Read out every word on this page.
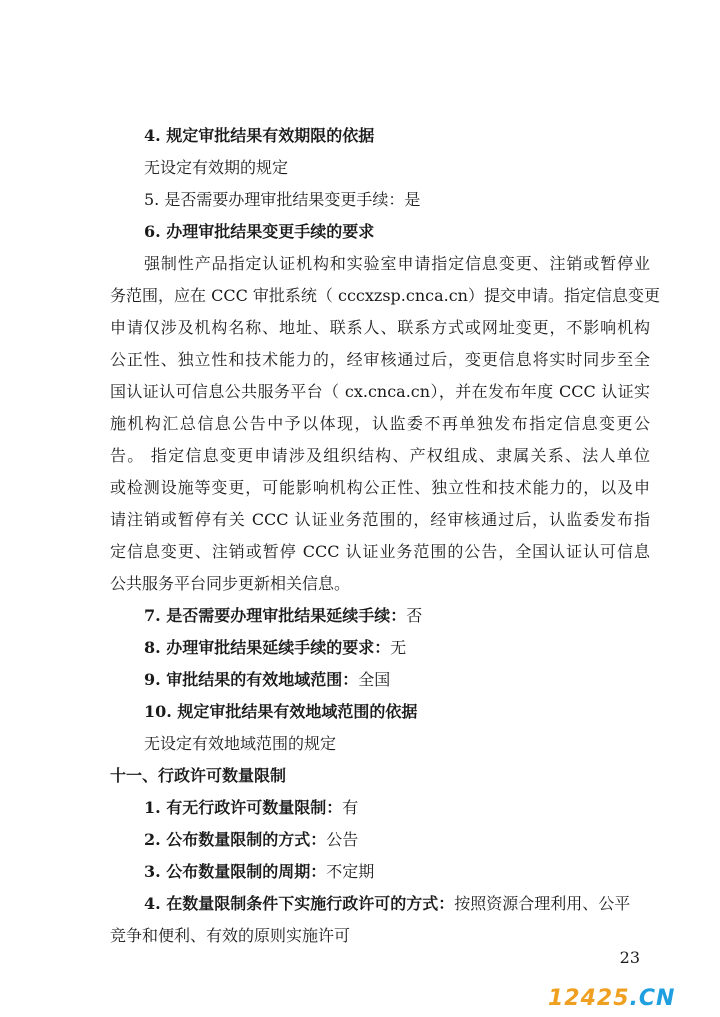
4. 规定审批结果有效期限的依据
无设定有效期的规定
5. 是否需要办理审批结果变更手续：是
6. 办理审批结果变更手续的要求
强制性产品指定认证机构和实验室申请指定信息变更、注销或暂停业
务范围，应在 CCC 审批系统（ cccxzsp.cnca.cn）提交申请。指定信息变更
申请仅涉及机构名称、地址、联系人、联系方式或网址变更，不影响机构
公正性、独立性和技术能力的，经审核通过后，变更信息将实时同步至全
国认证认可信息公共服务平台（ cx.cnca.cn），并在发布年度 CCC 认证实
施机构汇总信息公告中予以体现，认监委不再单独发布指定信息变更公
告。 指定信息变更申请涉及组织结构、产权组成、隶属关系、法人单位
或检测设施等变更，可能影响机构公正性、独立性和技术能力的，以及申
请注销或暂停有关 CCC 认证业务范围的，经审核通过后，认监委发布指
定信息变更、注销或暂停 CCC 认证业务范围的公告，全国认证认可信息
公共服务平台同步更新相关信息。
7. 是否需要办理审批结果延续手续：否
8. 办理审批结果延续手续的要求：无
9. 审批结果的有效地域范围：全国
10. 规定审批结果有效地域范围的依据
无设定有效地域范围的规定
十一、行政许可数量限制
1. 有无行政许可数量限制：有
2. 公布数量限制的方式：公告
3. 公布数量限制的周期：不定期
4. 在数量限制条件下实施行政许可的方式：按照资源合理利用、公平
竞争和便利、有效的原则实施许可
23
12425.CN
